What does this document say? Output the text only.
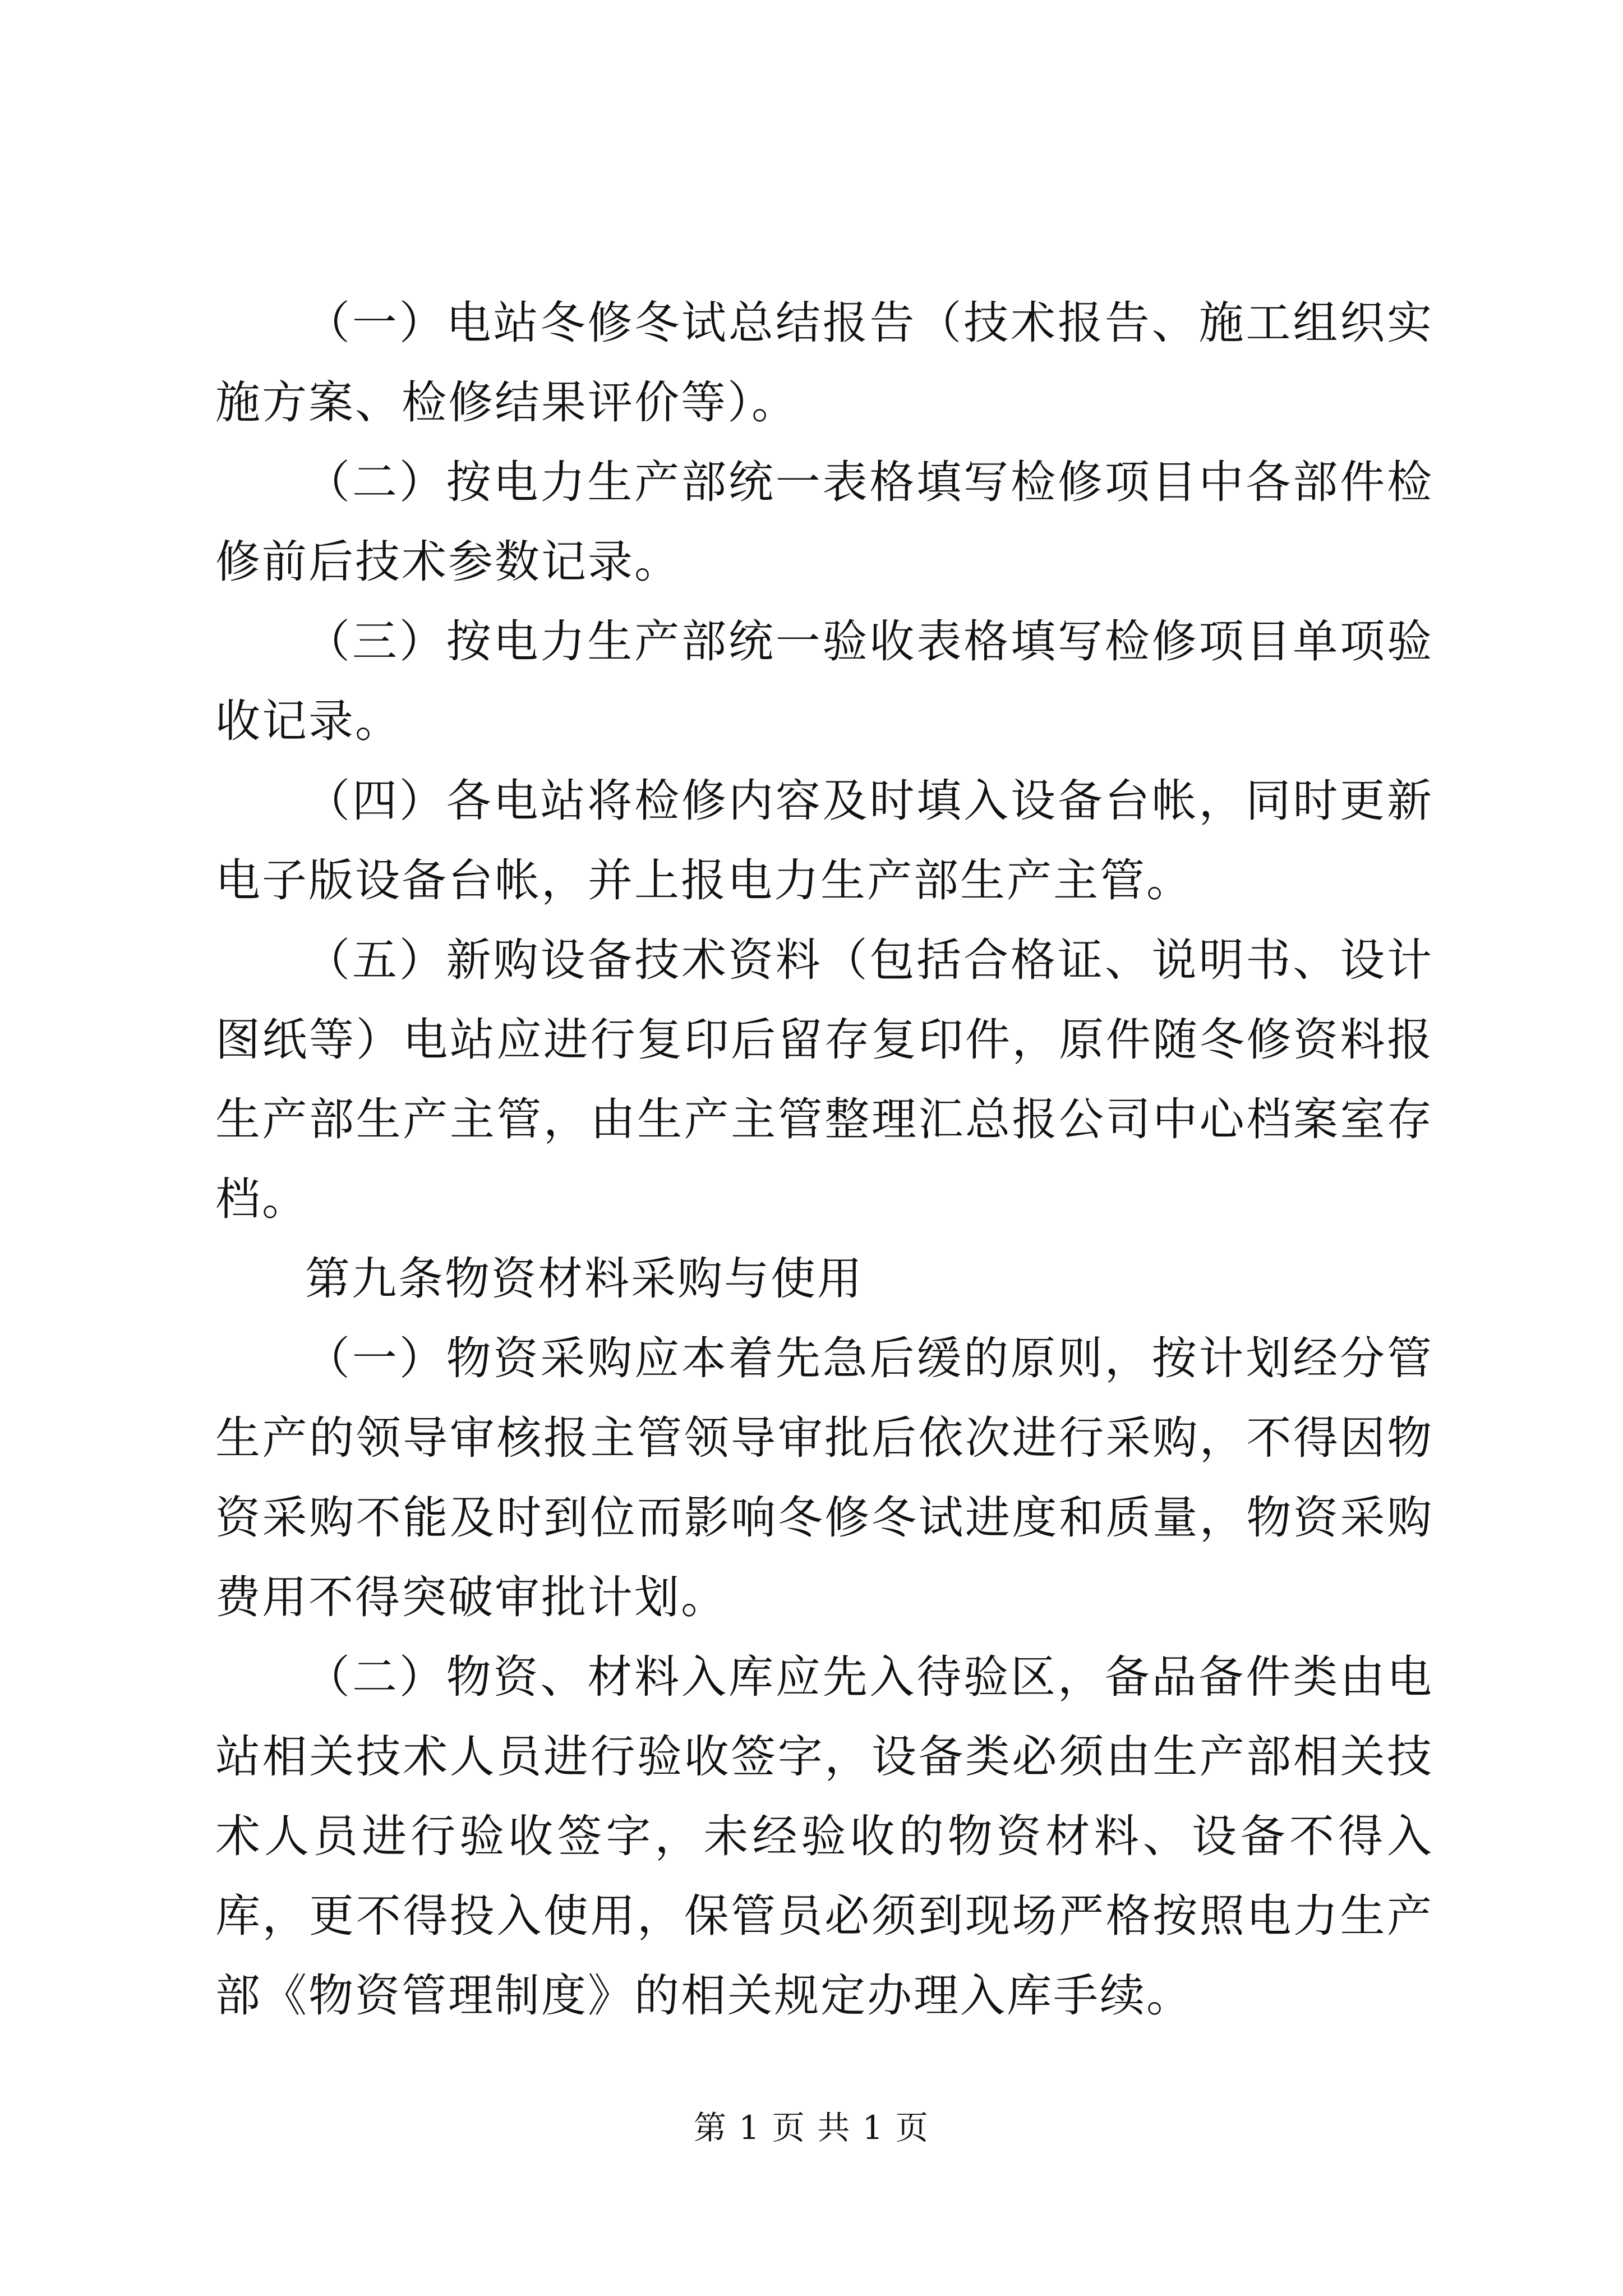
（一）电站冬修冬试总结报告（技术报告、施工组织实施方案、检修结果评价等）。

（二）按电力生产部统一表格填写检修项目中各部件检修前后技术参数记录。

（三）按电力生产部统一验收表格填写检修项目单项验收记录。

（四）各电站将检修内容及时填入设备台帐，同时更新电子版设备台帐，并上报电力生产部生产主管。

（五）新购设备技术资料（包括合格证、说明书、设计图纸等）电站应进行复印后留存复印件，原件随冬修资料报生产部生产主管，由生产主管整理汇总报公司中心档案室存档。

第九条物资材料采购与使用

（一）物资采购应本着先急后缓的原则，按计划经分管生产的领导审核报主管领导审批后依次进行采购，不得因物资采购不能及时到位而影响冬修冬试进度和质量，物资采购费用不得突破审批计划。

（二）物资、材料入库应先入待验区，备品备件类由电站相关技术人员进行验收签字，设备类必须由生产部相关技术人员进行验收签字，未经验收的物资材料、设备不得入库，更不得投入使用，保管员必须到现场严格按照电力生产部《物资管理制度》的相关规定办理入库手续。

第 1 页 共 1 页
